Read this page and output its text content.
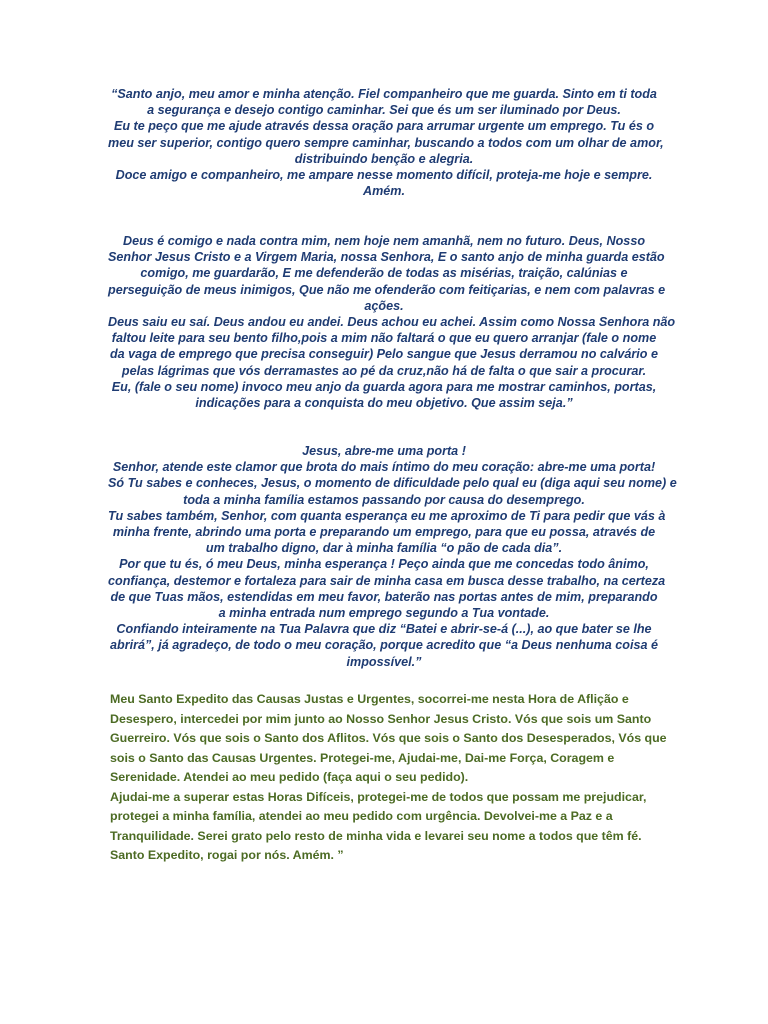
“Santo anjo, meu amor e minha atenção. Fiel companheiro que me guarda. Sinto em ti toda
a segurança e desejo contigo caminhar. Sei que és um ser iluminado por Deus.
Eu te peço que me ajude através dessa oração para arrumar urgente um emprego. Tu és o
meu ser superior, contigo quero sempre caminhar, buscando a todos com um olhar de amor,
distribuindo benção e alegria.
Doce amigo e companheiro, me ampare nesse momento difícil, proteja-me hoje e sempre.
Amém.
Deus é comigo e nada contra mim, nem hoje nem amanhã, nem no futuro. Deus, Nosso
Senhor Jesus Cristo e a Virgem Maria, nossa Senhora, E o santo anjo de minha guarda estão
comigo, me guardarão, E me defenderão de todas as misérias, traição, calúnias e
perseguição de meus inimigos, Que não me ofenderão com feitiçarias, e nem com palavras e
ações.
Deus saiu eu saí. Deus andou eu andei. Deus achou eu achei. Assim como Nossa Senhora não
faltou leite para seu bento filho,pois a mim não faltará o que eu quero arranjar (fale o nome
da vaga de emprego que precisa conseguir) Pelo sangue que Jesus derramou no calvário e
pelas lágrimas que vós derramastes ao pé da cruz,não há de falta o que sair a procurar.
Eu, (fale o seu nome) invoco meu anjo da guarda agora para me mostrar caminhos, portas,
indicações para a conquista do meu objetivo. Que assim seja.”
Jesus, abre-me uma porta !
Senhor, atende este clamor que brota do mais íntimo do meu coração: abre-me uma porta!
Só Tu sabes e conheces, Jesus, o momento de dificuldade pelo qual eu (diga aqui seu nome) e
toda a minha família estamos passando por causa do desemprego.
Tu sabes também, Senhor, com quanta esperança eu me aproximo de Ti para pedir que vás à
minha frente, abrindo uma porta e preparando um emprego, para que eu possa, através de
um trabalho digno, dar à minha família “o pão de cada dia”.
Por que tu és, ó meu Deus, minha esperança ! Peço ainda que me concedas todo ânimo,
confiança, destemor e fortaleza para sair de minha casa em busca desse trabalho, na certeza
de que Tuas mãos, estendidas em meu favor, baterão nas portas antes de mim, preparando
a minha entrada num emprego segundo a Tua vontade.
Confiando inteiramente na Tua Palavra que diz “Batei e abrir-se-á (...), ao que bater se lhe
abrirá”, já agradeço, de todo o meu coração, porque acredito que “a Deus nenhuma coisa é
impossível.”
Meu Santo Expedito das Causas Justas e Urgentes, socorrei-me nesta Hora de Aflição e
Desespero, intercedei por mim junto ao Nosso Senhor Jesus Cristo. Vós que sois um Santo
Guerreiro. Vós que sois o Santo dos Aflitos. Vós que sois o Santo dos Desesperados, Vós que
sois o Santo das Causas Urgentes. Protegei-me, Ajudai-me, Dai-me Força, Coragem e
Serenidade. Atendei ao meu pedido (faça aqui o seu pedido).
Ajudai-me a superar estas Horas Difíceis, protegei-me de todos que possam me prejudicar,
protegei a minha família, atendei ao meu pedido com urgência. Devolvei-me a Paz e a
Tranquilidade. Serei grato pelo resto de minha vida e levarei seu nome a todos que têm fé.
Santo Expedito, rogai por nós. Amém. ”
